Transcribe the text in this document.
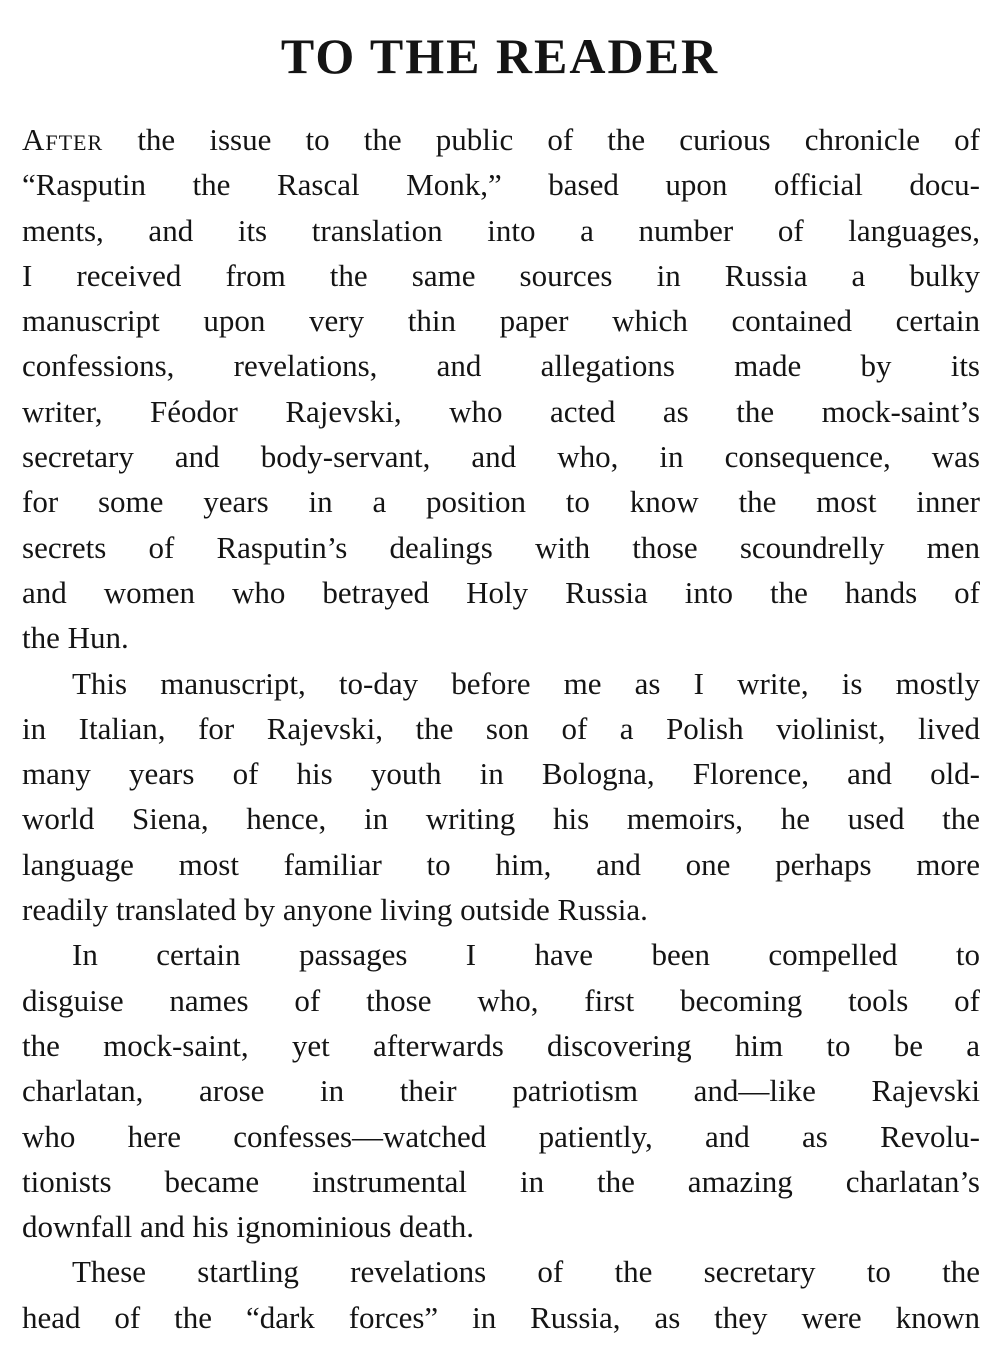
TO THE READER
After the issue to the public of the curious chronicle of
“Rasputin the Rascal Monk,” based upon official docu-
ments, and its translation into a number of languages,
I received from the same sources in Russia a bulky
manuscript upon very thin paper which contained certain
confessions, revelations, and allegations made by its
writer, Féodor Rajevski, who acted as the mock-saint’s
secretary and body-servant, and who, in consequence, was
for some years in a position to know the most inner
secrets of Rasputin’s dealings with those scoundrelly men
and women who betrayed Holy Russia into the hands of
the Hun.
This manuscript, to-day before me as I write, is mostly
in Italian, for Rajevski, the son of a Polish violinist, lived
many years of his youth in Bologna, Florence, and old-
world Siena, hence, in writing his memoirs, he used the
language most familiar to him, and one perhaps more
readily translated by anyone living outside Russia.
In certain passages I have been compelled to
disguise names of those who, first becoming tools of
the mock-saint, yet afterwards discovering him to be a
charlatan, arose in their patriotism and—like Rajevski
who here confesses—watched patiently, and as Revolu-
tionists became instrumental in the amazing charlatan’s
downfall and his ignominious death.
These startling revelations of the secretary to the
head of the “dark forces” in Russia, as they were known
